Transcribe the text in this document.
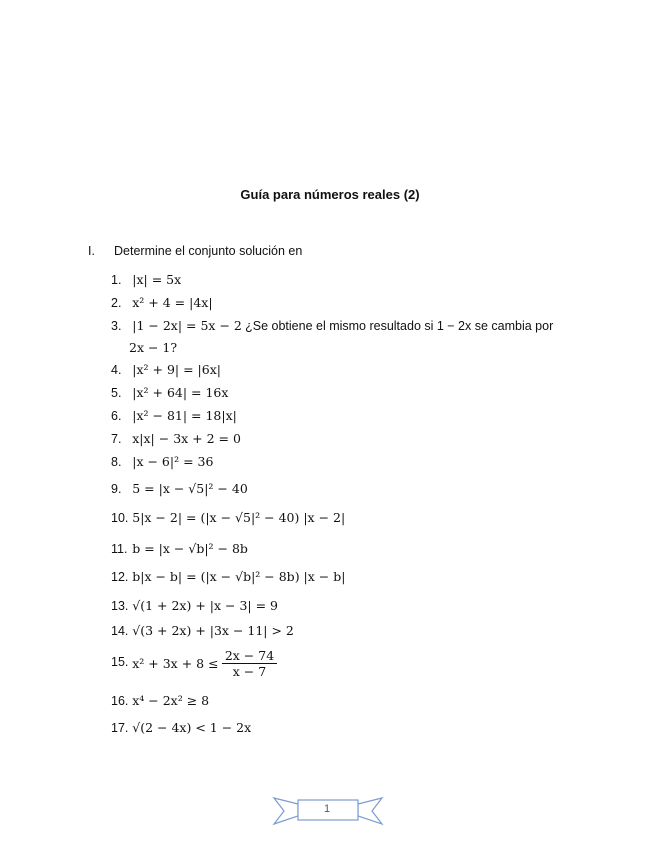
Guía para números reales (2)
I. Determine el conjunto solución en
1. |x| = 5x
2. x² + 4 = |4x|
3. |1 − 2x| = 5x − 2 ¿Se obtiene el mismo resultado si 1 − 2x se cambia por
2x − 1?
4. |x² + 9| = |6x|
5. |x² + 64| = 16x
6. |x² − 81| = 18|x|
7. x|x| − 3x + 2 = 0
8. |x − 6|² = 36
9. 5 = |x − √5|² − 40
10. 5|x − 2| = (|x − √5|² − 40) |x − 2|
11. b = |x − √b|² − 8b
12. b|x − b| = (|x − √b|² − 8b) |x − b|
13. √(1 + 2x) + |x − 3| = 9
14. √(3 + 2x) + |3x − 11| > 2
15. $x^2 + 3x + 8 \le \frac{2x - 74}{x - 7}$
16. x⁴ − 2x² ≥ 8
17. √(2 − 4x) < 1 − 2x
1
